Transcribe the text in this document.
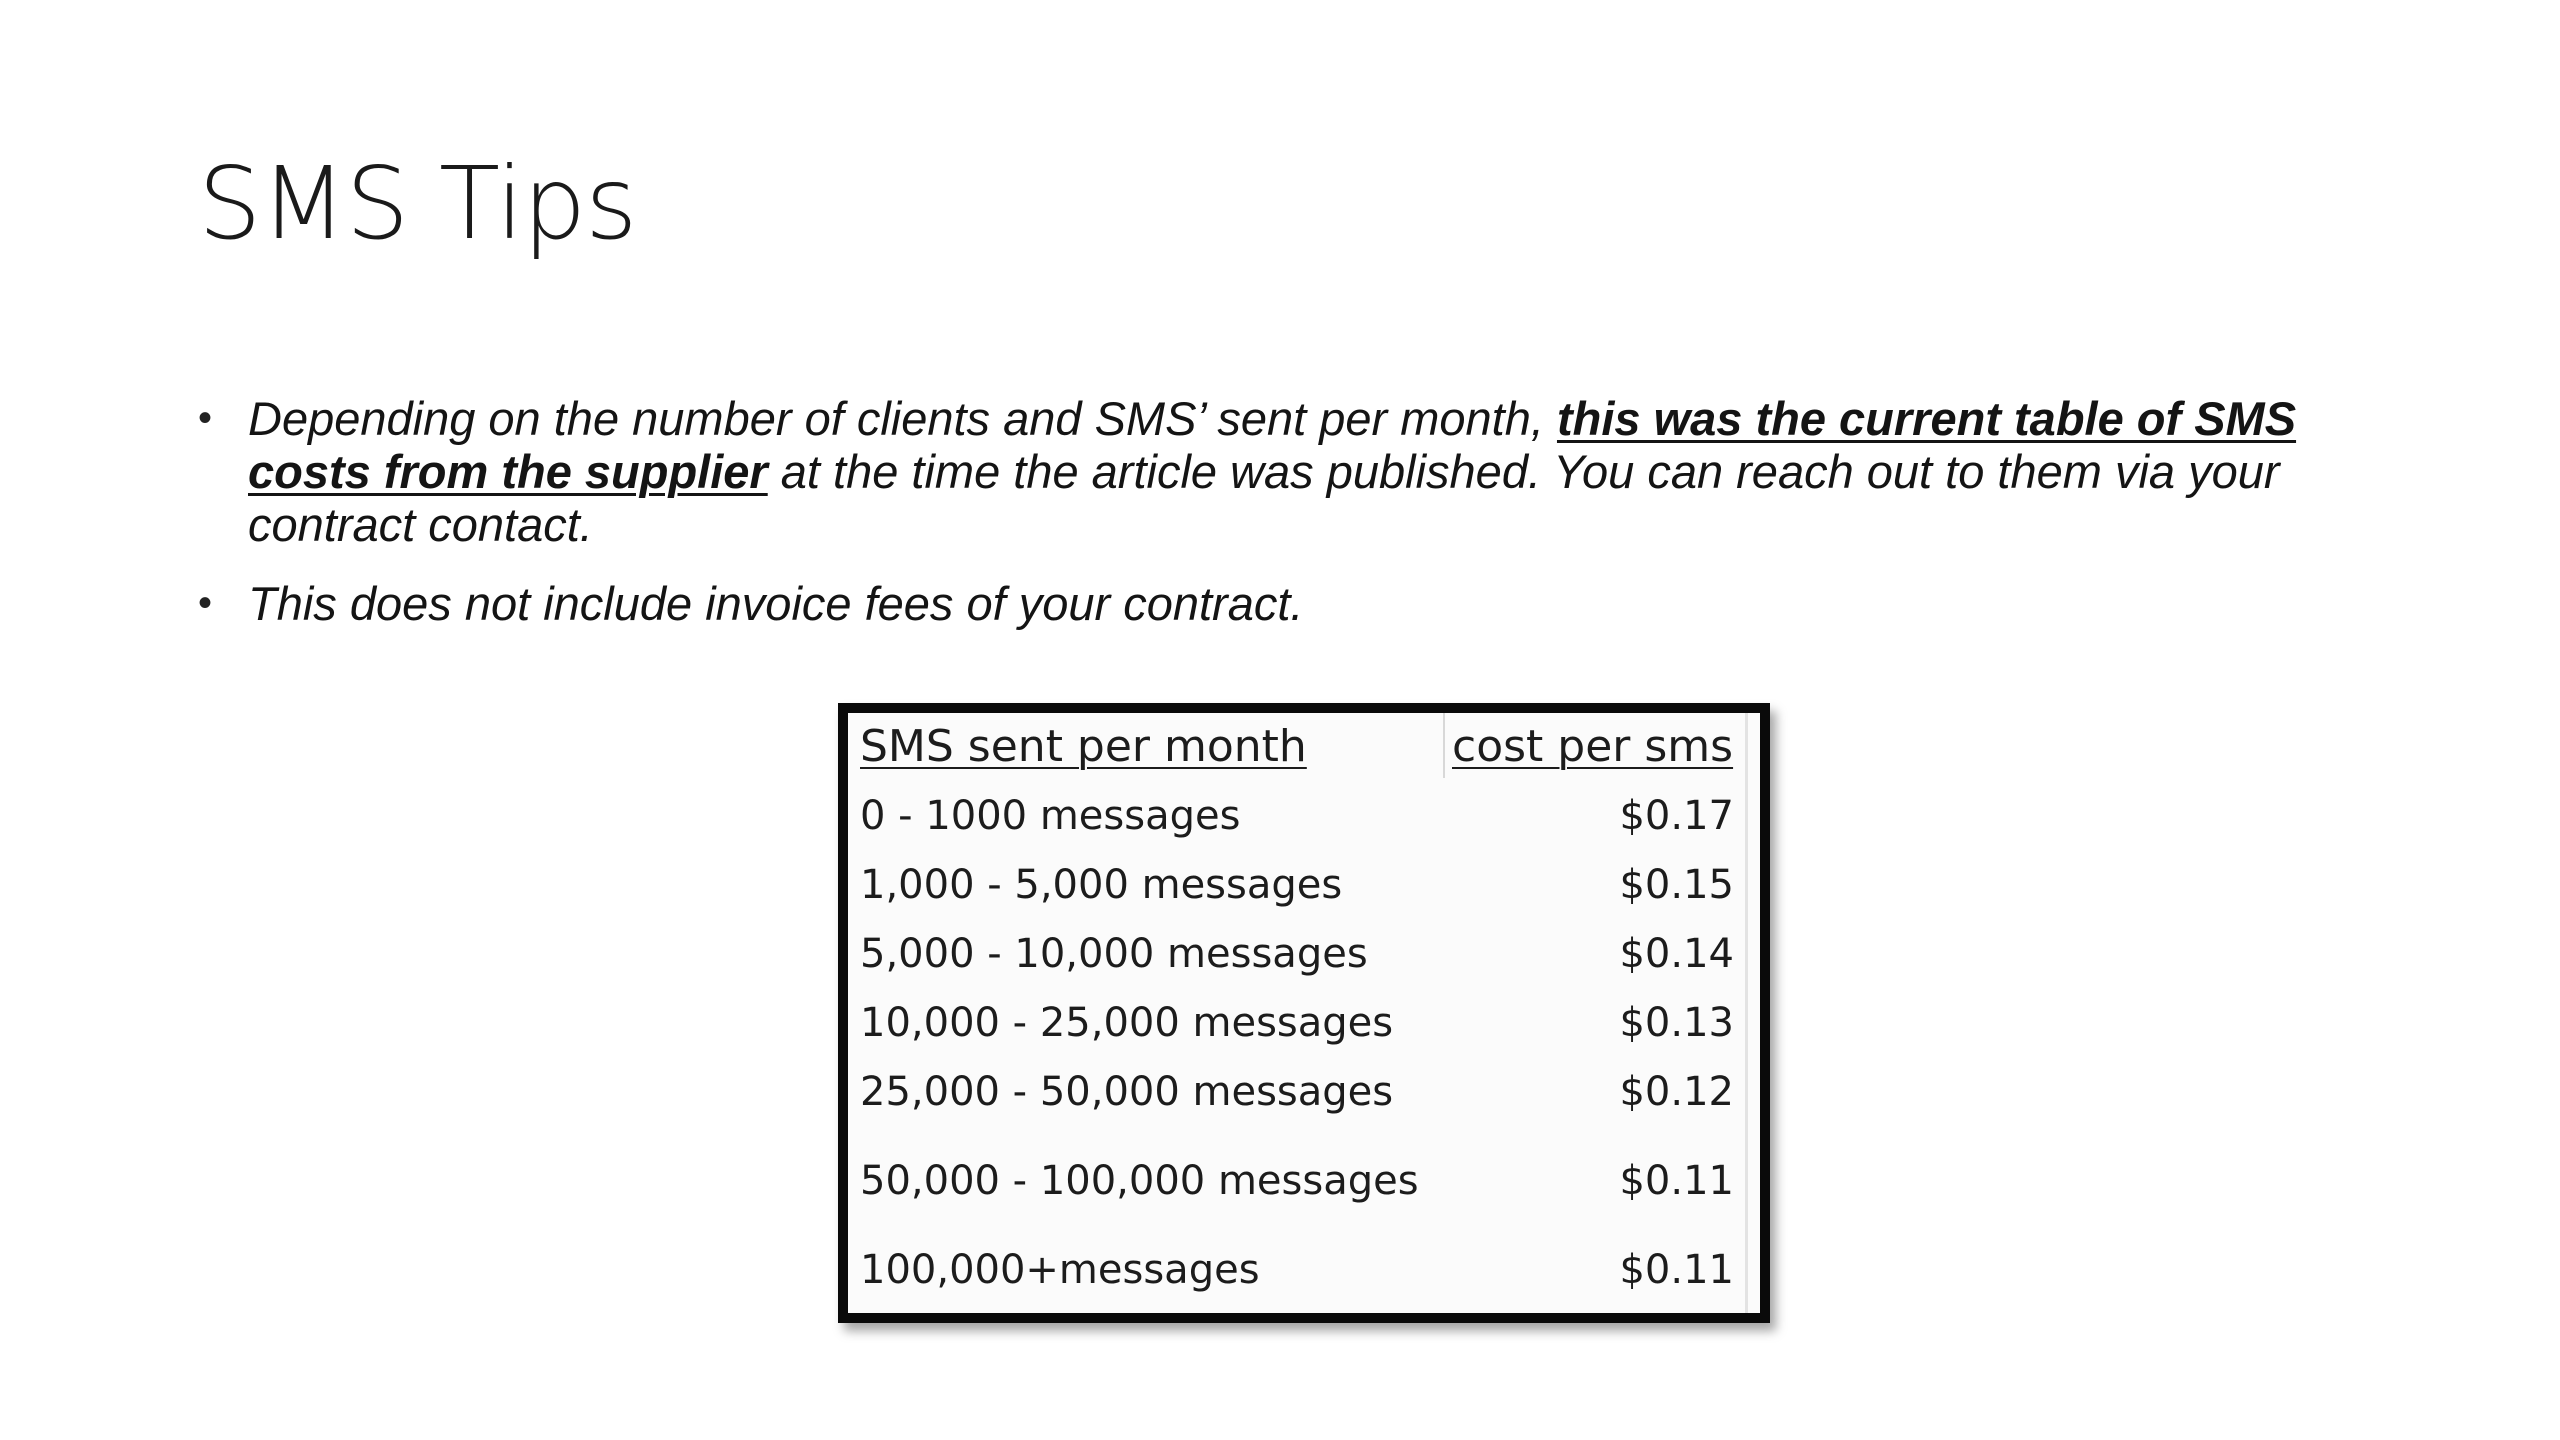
SMS Tips
• Depending on the number of clients and SMS’ sent per month, this was the current table of SMS costs from the supplier at the time the article was published. You can reach out to them via your contract contact.
• This does not include invoice fees of your contract.
SMS sent per month	cost per sms
0 - 1000 messages	$0.17
1,000 - 5,000 messages	$0.15
5,000 - 10,000 messages	$0.14
10,000 - 25,000 messages	$0.13
25,000 - 50,000 messages	$0.12
50,000 - 100,000 messages	$0.11
100,000+messages	$0.11
